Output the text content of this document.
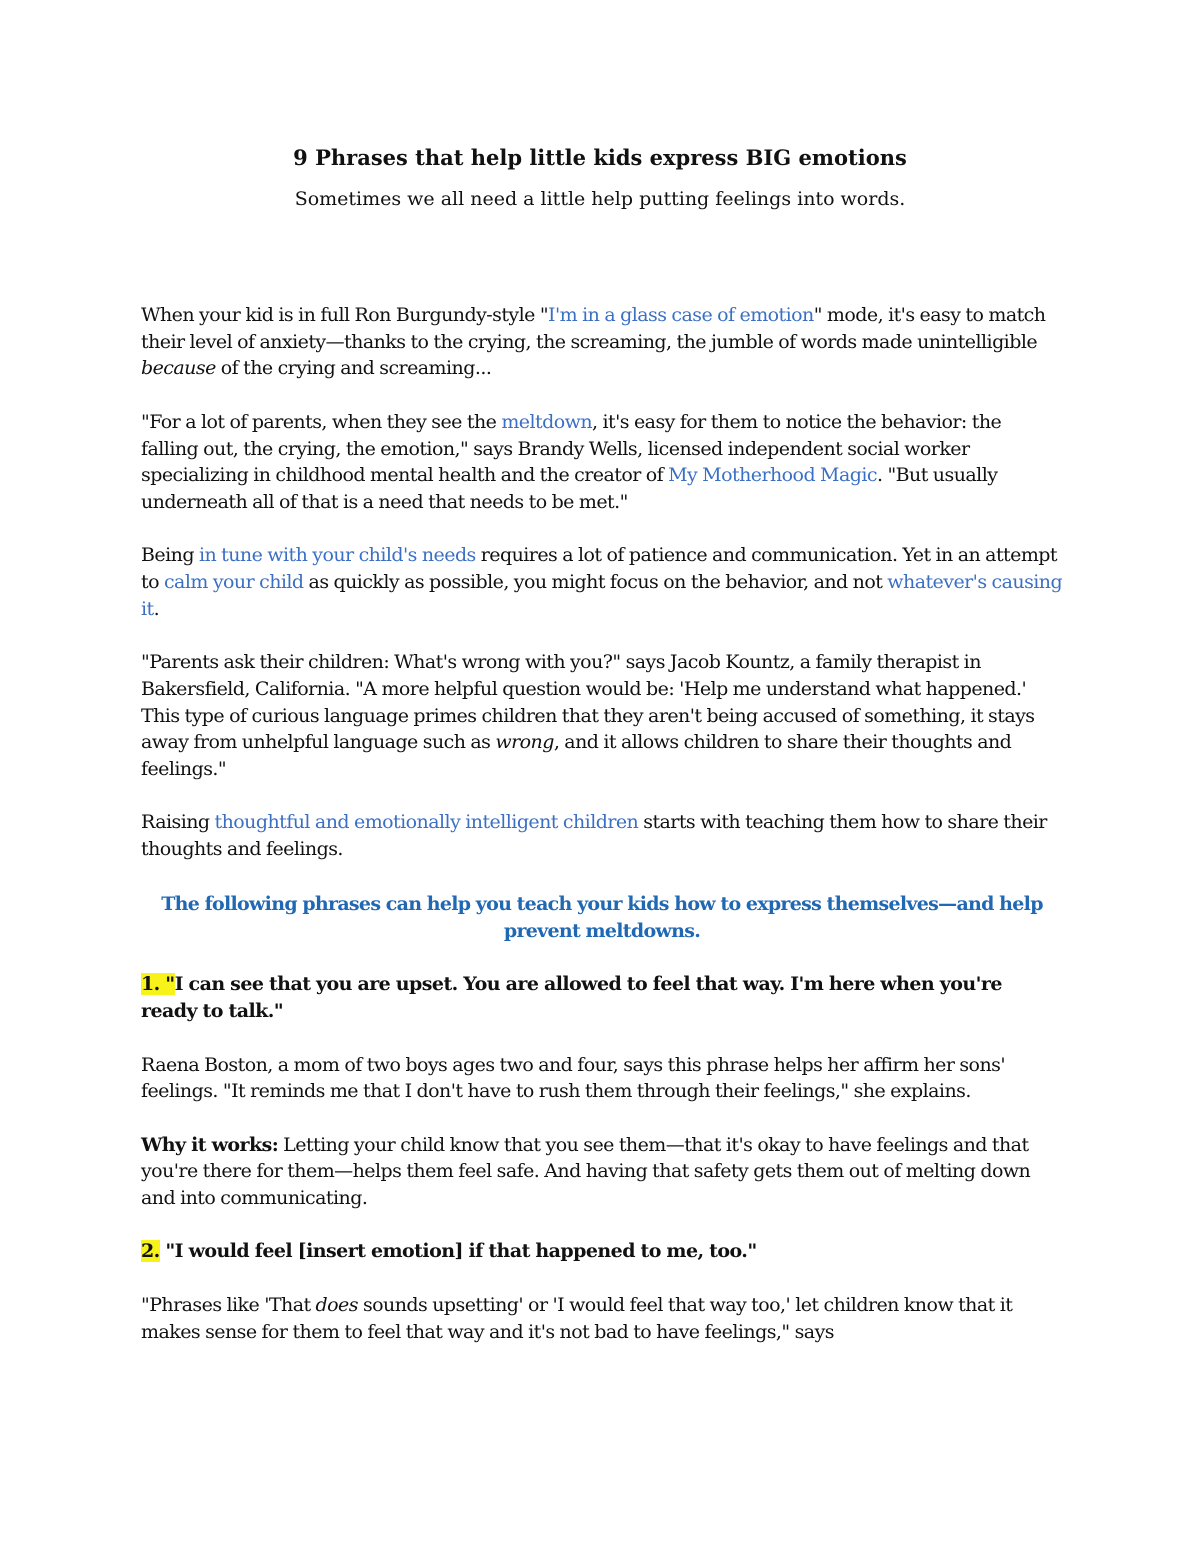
9 Phrases that help little kids express BIG emotions

Sometimes we all need a little help putting feelings into words.

When your kid is in full Ron Burgundy-style "I'm in a glass case of emotion" mode, it's easy to match their level of anxiety—thanks to the crying, the screaming, the jumble of words made unintelligible because of the crying and screaming...

"For a lot of parents, when they see the meltdown, it's easy for them to notice the behavior: the falling out, the crying, the emotion," says Brandy Wells, licensed independent social worker specializing in childhood mental health and the creator of My Motherhood Magic. "But usually underneath all of that is a need that needs to be met."

Being in tune with your child's needs requires a lot of patience and communication. Yet in an attempt to calm your child as quickly as possible, you might focus on the behavior, and not whatever's causing it.

"Parents ask their children: What's wrong with you?" says Jacob Kountz, a family therapist in Bakersfield, California. "A more helpful question would be: 'Help me understand what happened.' This type of curious language primes children that they aren't being accused of something, it stays away from unhelpful language such as wrong, and it allows children to share their thoughts and feelings."

Raising thoughtful and emotionally intelligent children starts with teaching them how to share their thoughts and feelings.

The following phrases can help you teach your kids how to express themselves—and help prevent meltdowns.

1. "I can see that you are upset. You are allowed to feel that way. I'm here when you're ready to talk."

Raena Boston, a mom of two boys ages two and four, says this phrase helps her affirm her sons' feelings. "It reminds me that I don't have to rush them through their feelings," she explains.

Why it works: Letting your child know that you see them—that it's okay to have feelings and that you're there for them—helps them feel safe. And having that safety gets them out of melting down and into communicating.

2. "I would feel [insert emotion] if that happened to me, too."

"Phrases like 'That does sounds upsetting' or 'I would feel that way too,' let children know that it makes sense for them to feel that way and it's not bad to have feelings," says
